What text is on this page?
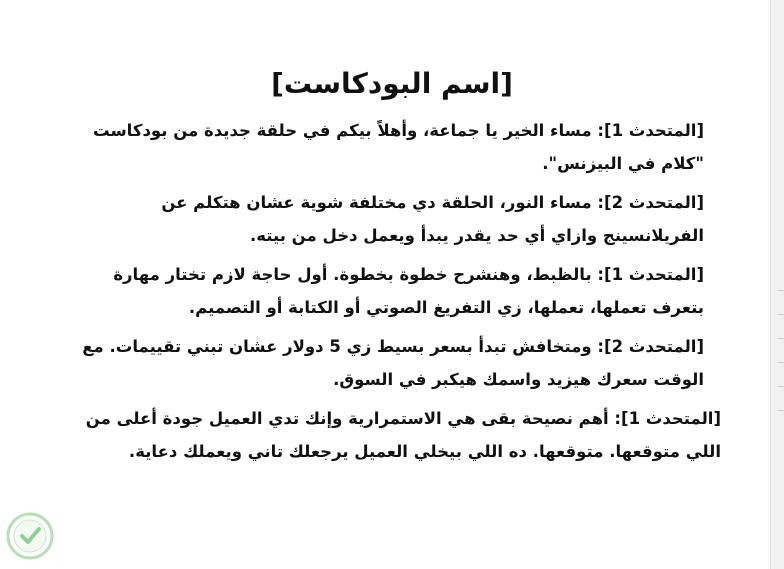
[اسم البودكاست]

[المتحدث 1]: مساء الخير يا جماعة، وأهلاً بيكم في حلقة جديدة من بودكاست "كلام في البيزنس".

[المتحدث 2]: مساء النور، الحلقة دي مختلفة شوية عشان هتكلم عن الفريلانسينج وازاي أي حد يقدر يبدأ ويعمل دخل من بيته.

[المتحدث 1]: بالظبط، وهنشرح خطوة بخطوة. أول حاجة لازم تختار مهارة بتعرف تعملها، تعملها، زي التفريغ الصوتي أو الكتابة أو التصميم.

[المتحدث 2]: ومتخافش تبدأ بسعر بسيط زي 5 دولار عشان تبني تقييمات. مع الوقت سعرك هيزيد واسمك هيكبر في السوق.

[المتحدث 1]: أهم نصيحة بقى هي الاستمرارية وإنك تدي العميل جودة أعلى من اللي متوقعها. متوقعها. ده اللي بيخلي العميل يرجعلك تاني ويعملك دعاية.
